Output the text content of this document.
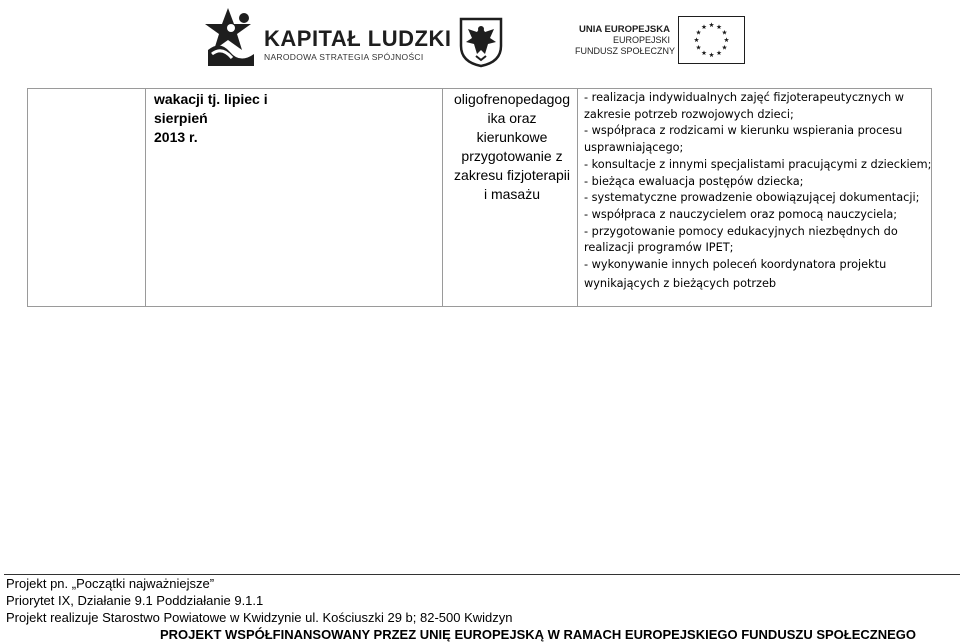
KAPITAŁ LUDZKI
NARODOWA STRATEGIA SPÓJNOŚCI
UNIA EUROPEJSKA
EUROPEJSKI
FUNDUSZ SPOŁECZNY
wakacji tj. lipiec i sierpień
2013 r.
oligofrenopedagog
ika oraz
kierunkowe
przygotowanie z
zakresu fizjoterapii
i masażu
- realizacja indywidualnych zajęć fizjoterapeutycznych w
zakresie potrzeb rozwojowych dzieci;
- współpraca z rodzicami w kierunku wspierania procesu
usprawniającego;
- konsultacje z innymi specjalistami pracującymi z dzieckiem;
- bieżąca ewaluacja postępów dziecka;
- systematyczne prowadzenie obowiązującej dokumentacji;
- współpraca z nauczycielem oraz pomocą nauczyciela;
- przygotowanie pomocy edukacyjnych niezbędnych do
realizacji programów IPET;
- wykonywanie innych poleceń koordynatora projektu
wynikających z bieżących potrzeb
Projekt pn. „Początki najważniejsze”
Priorytet IX, Działanie 9.1 Poddziałanie 9.1.1
Projekt realizuje Starostwo Powiatowe w Kwidzynie ul. Kościuszki 29 b; 82-500 Kwidzyn
PROJEKT WSPÓŁFINANSOWANY PRZEZ UNIĘ EUROPEJSKĄ W RAMACH EUROPEJSKIEGO FUNDUSZU SPOŁECZNEGO
